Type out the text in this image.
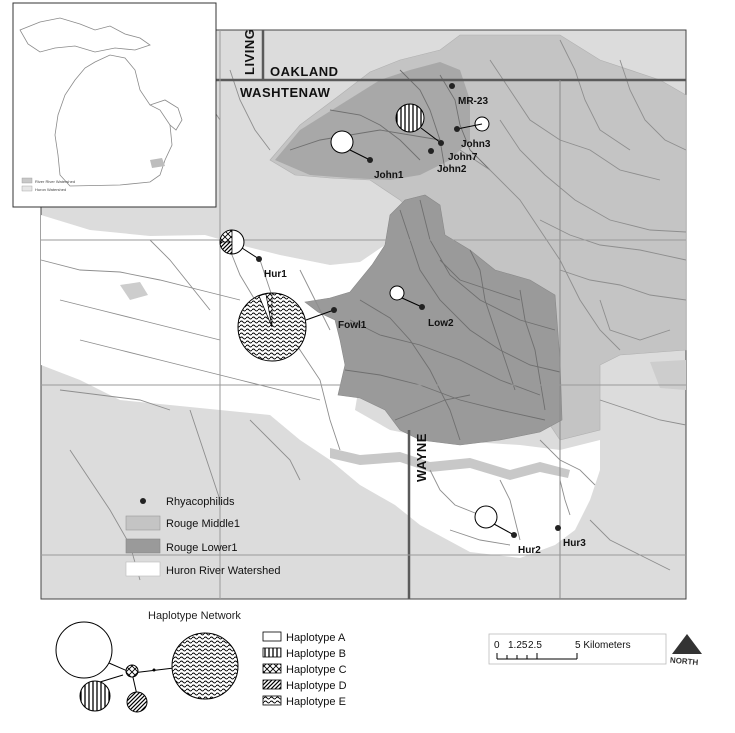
LIVING OAKLAND
WASHTENAW
WAYNE
MR-23
John3
John7
John2
John1
Hur1
Fowl1	Low2
Hur2
Hur3
Rhyacophilids
Rouge Middle1
Rouge Lower1
Huron River Watershed
River River Watershed
Huron Watershed
Haplotype Network
Haplotype A
Haplotype B
Haplotype C
Haplotype D
Haplotype E
0 1.25 2.5	5 Kilometers
NORTH
